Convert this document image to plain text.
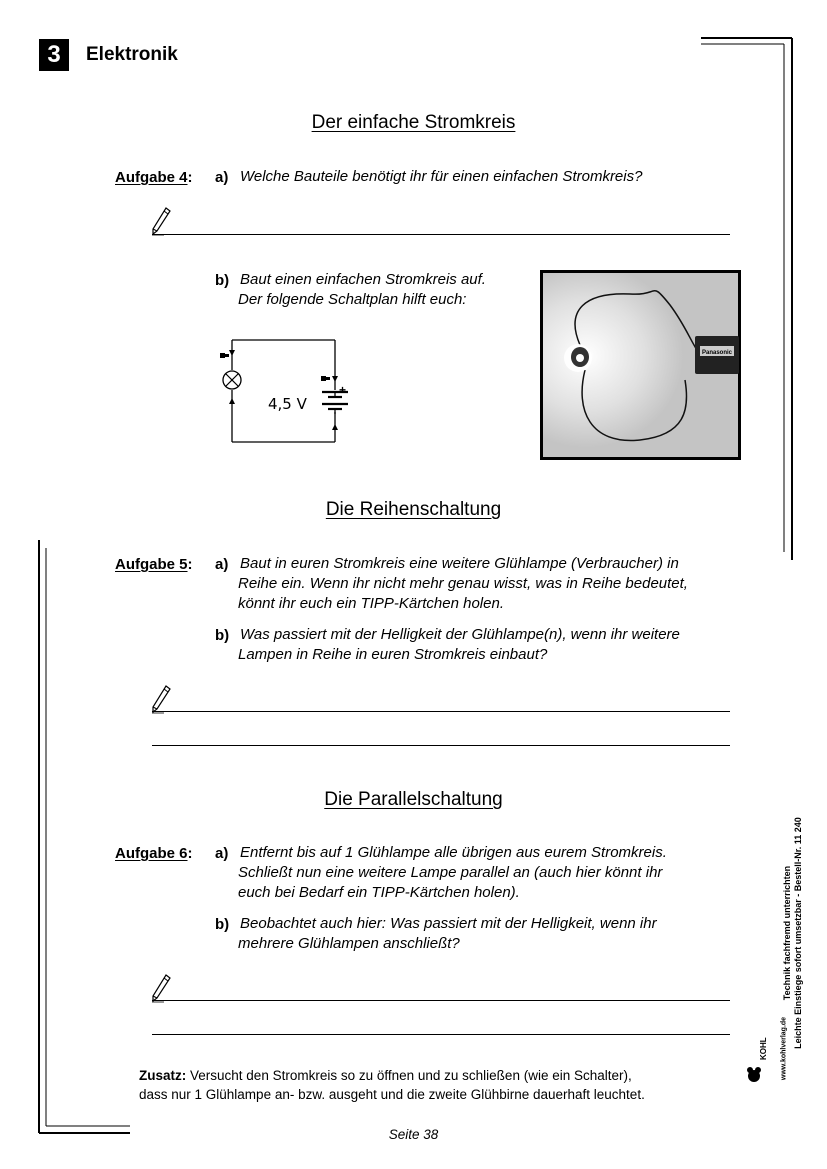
3	Elektronik
Der einfache Stromkreis
Aufgabe 4: a) Welche Bauteile benötigt ihr für einen einfachen Stromkreis?
b) Baut einen einfachen Stromkreis auf.
Der folgende Schaltplan hilft euch:
+
4,5 V
Panasonic
Die Reihenschaltung
Aufgabe 5: a) Baut in euren Stromkreis eine weitere Glühlampe (Verbraucher) in
Reihe ein. Wenn ihr nicht mehr genau wisst, was in Reihe bedeutet,
könnt ihr euch ein TIPP-Kärtchen holen.
b) Was passiert mit der Helligkeit der Glühlampe(n), wenn ihr weitere
Lampen in Reihe in euren Stromkreis einbaut?
Die Parallelschaltung
Aufgabe 6: a) Entfernt bis auf 1 Glühlampe alle übrigen aus eurem Stromkreis.
Schließt nun eine weitere Lampe parallel an (auch hier könnt ihr
euch bei Bedarf ein TIPP-Kärtchen holen).
b) Beobachtet auch hier: Was passiert mit der Helligkeit, wenn ihr
mehrere Glühlampen anschließt?
Zusatz: Versucht den Stromkreis so zu öffnen und zu schließen (wie ein Schalter),
dass nur 1 Glühlampe an- bzw. ausgeht und die zweite Glühbirne dauerhaft leuchtet.
Seite 38
Technik fachfremd unterrichten Leichte Einstiege sofort umsetzbar - Bestell-Nr. 11 240
www.kohlverlag.de
KOHL
